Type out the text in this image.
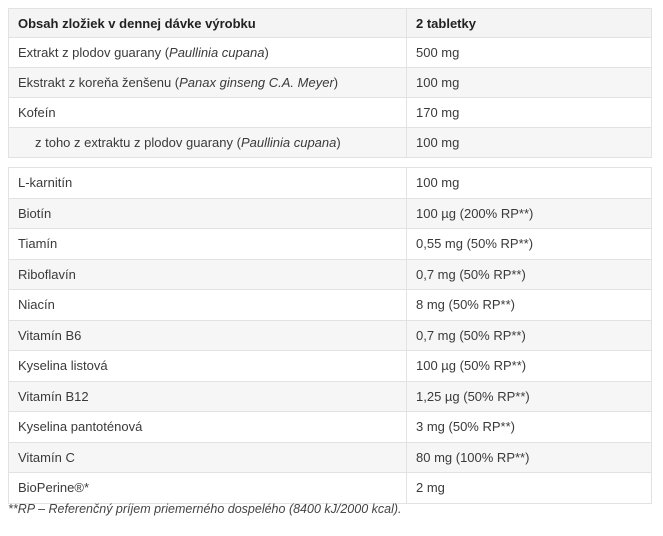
Obsah zložiek v dennej dávke výrobku	2 tabletky
Extrakt z plodov guarany (Paullinia cupana)	500 mg
Ekstrakt z koreňa ženšenu (Panax ginseng C.A. Meyer)	100 mg
Kofeín	170 mg
z toho z extraktu z plodov guarany (Paullinia cupana)	100 mg
L-karnitín	100 mg
Biotín	100 µg (200% RP**)
Tiamín	0,55 mg (50% RP**)
Riboflavín	0,7 mg (50% RP**)
Niacín	8 mg (50% RP**)
Vitamín B6	0,7 mg (50% RP**)
Kyselina listová	100 µg (50% RP**)
Vitamín B12	1,25 µg (50% RP**)
Kyselina pantoténová	3 mg (50% RP**)
Vitamín C	80 mg (100% RP**)
BioPerine®*	2 mg
**RP – Referenčný príjem priemerného dospelého (8400 kJ/2000 kcal).
